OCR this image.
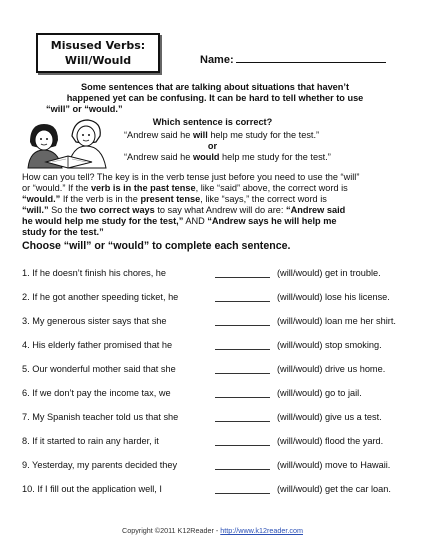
Misused Verbs:
Will/Would	Name:
Some sentences that are talking about situations that haven’t
happened yet can be confusing. It can be hard to tell whether to use
“will” or “would.”
Which sentence is correct?
“Andrew said he will help me study for the test.”
or
“Andrew said he would help me study for the test.”
How can you tell? The key is in the verb tense just before you need to use the “will”
or “would.” If the verb is in the past tense, like “said” above, the correct word is
“would.” If the verb is in the present tense, like “says,” the correct word is
“will.” So the two correct ways to say what Andrew will do are: “Andrew said
he would help me study for the test,” AND “Andrew says he will help me
study for the test.”
Choose “will” or “would” to complete each sentence.
1. If he doesn’t finish his chores, he	(will/would) get in trouble.
2. If he got another speeding ticket, he	(will/would) lose his license.
3. My generous sister says that she	(will/would) loan me her shirt.
4. His elderly father promised that he	(will/would) stop smoking.
5. Our wonderful mother said that she	(will/would) drive us home.
6. If we don’t pay the income tax, we	(will/would) go to jail.
7. My Spanish teacher told us that she	(will/would) give us a test.
8. If it started to rain any harder, it	(will/would) flood the yard.
9. Yesterday, my parents decided they	(will/would) move to Hawaii.
10. If I fill out the application well, I	(will/would) get the car loan.
Copyright ©2011 K12Reader - http://www.k12reader.com
